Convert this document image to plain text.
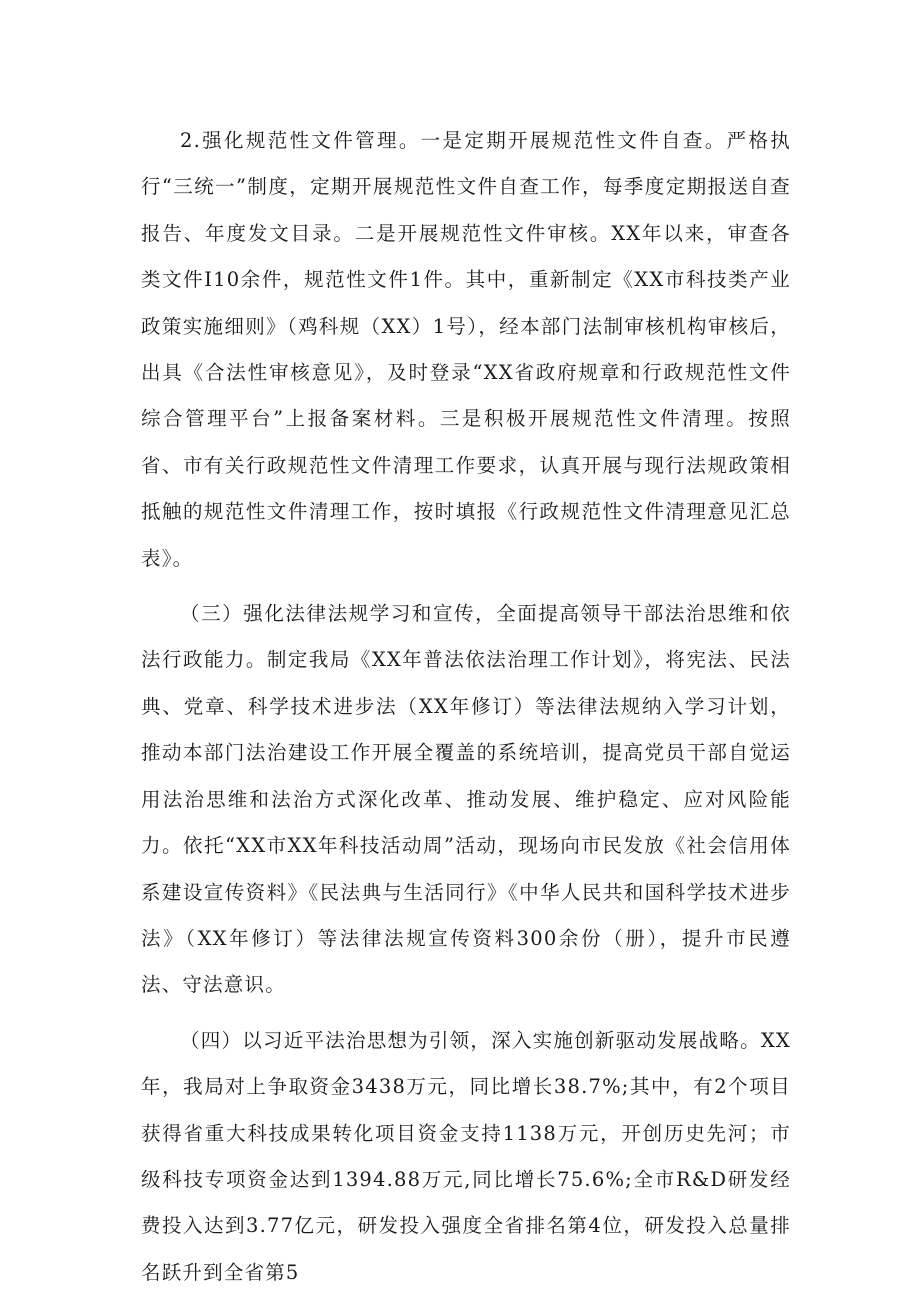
2.强化规范性文件管理。一是定期开展规范性文件自查。严格执行“三统一”制度，定期开展规范性文件自查工作，每季度定期报送自查报告、年度发文目录。二是开展规范性文件审核。XX年以来，审查各类文件I10余件，规范性文件1件。其中，重新制定《XX市科技类产业政策实施细则》（鸡科规（XX）1号），经本部门法制审核机构审核后，出具《合法性审核意见》，及时登录“XX省政府规章和行政规范性文件综合管理平台”上报备案材料。三是积极开展规范性文件清理。按照省、市有关行政规范性文件清理工作要求，认真开展与现行法规政策相抵触的规范性文件清理工作，按时填报《行政规范性文件清理意见汇总表》。

（三）强化法律法规学习和宣传，全面提高领导干部法治思维和依法行政能力。制定我局《XX年普法依法治理工作计划》，将宪法、民法典、党章、科学技术进步法（XX年修订）等法律法规纳入学习计划，推动本部门法治建设工作开展全覆盖的系统培训，提高党员干部自觉运用法治思维和法治方式深化改革、推动发展、维护稳定、应对风险能力。依托“XX市XX年科技活动周”活动，现场向市民发放《社会信用体系建设宣传资料》《民法典与生活同行》《中华人民共和国科学技术进步法》（XX年修订）等法律法规宣传资料300余份（册），提升市民遵法、守法意识。

（四）以习近平法治思想为引领，深入实施创新驱动发展战略。XX年，我局对上争取资金3438万元，同比增长38.7%;其中，有2个项目获得省重大科技成果转化项目资金支持1138万元，开创历史先河；市级科技专项资金达到1394.88万元,同比增长75.6%;全市R&D研发经费投入达到3.77亿元，研发投入强度全省排名第4位，研发投入总量排名跃升到全省第5
